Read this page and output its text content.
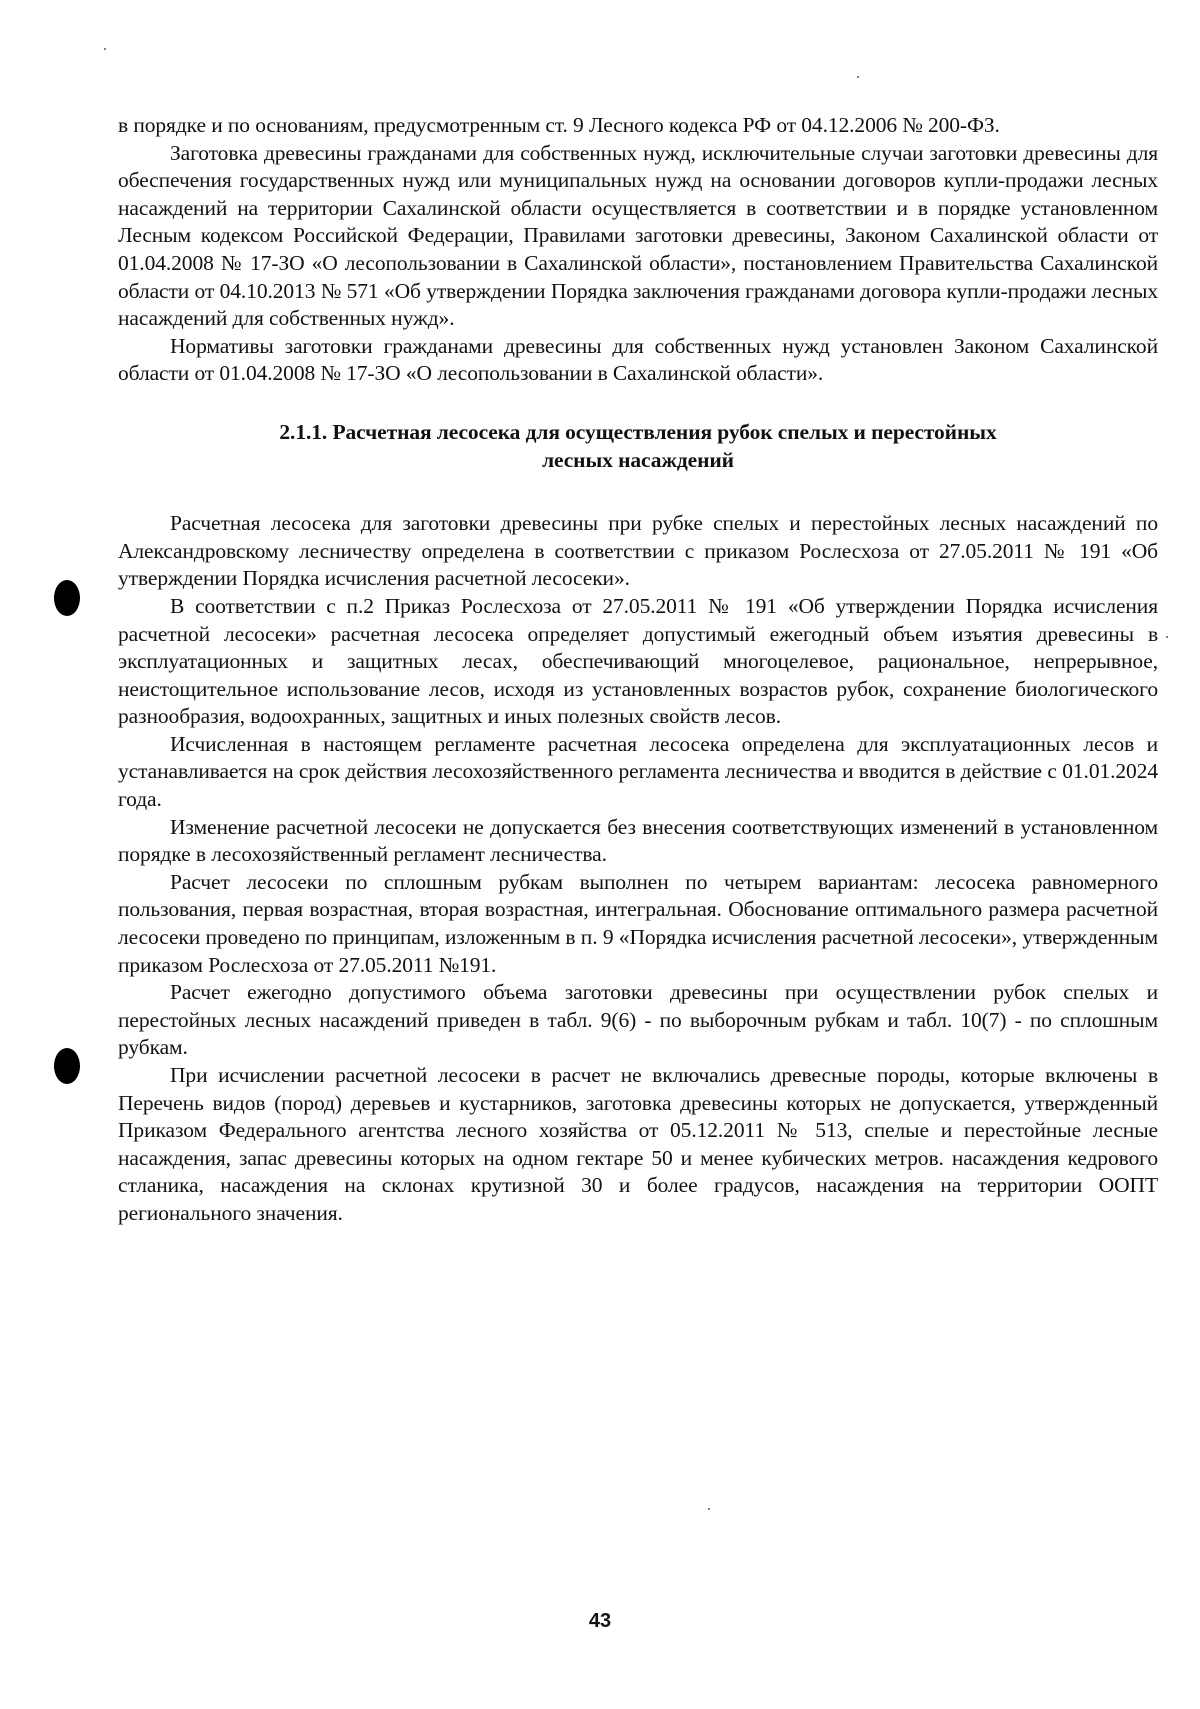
в порядке и по основаниям, предусмотренным ст. 9 Лесного кодекса РФ от 04.12.2006 № 200-ФЗ.

Заготовка древесины гражданами для собственных нужд, исключительные случаи заготовки древесины для обеспечения государственных нужд или муниципальных нужд на основании договоров купли-продажи лесных насаждений на территории Сахалинской области осуществляется в соответствии и в порядке установленном Лесным кодексом Российской Федерации, Правилами заготовки древесины, Законом Сахалинской области от 01.04.2008 № 17-ЗО «О лесопользовании в Сахалинской области», постановлением Правительства Сахалинской области от 04.10.2013 № 571 «Об утверждении Порядка заключения гражданами договора купли-продажи лесных насаждений для собственных нужд».

Нормативы заготовки гражданами древесины для собственных нужд установлен Законом Сахалинской области от 01.04.2008 № 17-ЗО «О лесопользовании в Сахалинской области».

2.1.1. Расчетная лесосека для осуществления рубок спелых и перестойных лесных насаждений

Расчетная лесосека для заготовки древесины при рубке спелых и перестойных лесных насаждений по Александровскому лесничеству определена в соответствии с приказом Рослесхоза от 27.05.2011 № 191 «Об утверждении Порядка исчисления расчетной лесосеки».

В соответствии с п.2 Приказ Рослесхоза от 27.05.2011 № 191 «Об утверждении Порядка исчисления расчетной лесосеки» расчетная лесосека определяет допустимый ежегодный объем изъятия древесины в эксплуатационных и защитных лесах, обеспечивающий многоцелевое, рациональное, непрерывное, неистощительное использование лесов, исходя из установленных возрастов рубок, сохранение биологического разнообразия, водоохранных, защитных и иных полезных свойств лесов.

Исчисленная в настоящем регламенте расчетная лесосека определена для эксплуатационных лесов и устанавливается на срок действия лесохозяйственного регламента лесничества и вводится в действие с 01.01.2024 года.

Изменение расчетной лесосеки не допускается без внесения соответствующих изменений в установленном порядке в лесохозяйственный регламент лесничества.

Расчет лесосеки по сплошным рубкам выполнен по четырем вариантам: лесосека равномерного пользования, первая возрастная, вторая возрастная, интегральная. Обоснование оптимального размера расчетной лесосеки проведено по принципам, изложенным в п. 9 «Порядка исчисления расчетной лесосеки», утвержденным приказом Рослесхоза от 27.05.2011 №191.

Расчет ежегодно допустимого объема заготовки древесины при осуществлении рубок спелых и перестойных лесных насаждений приведен в табл. 9(6) - по выборочным рубкам и табл. 10(7) - по сплошным рубкам.

При исчислении расчетной лесосеки в расчет не включались древесные породы, которые включены в Перечень видов (пород) деревьев и кустарников, заготовка древесины которых не допускается, утвержденный Приказом Федерального агентства лесного хозяйства от 05.12.2011 № 513, спелые и перестойные лесные насаждения, запас древесины которых на одном гектаре 50 и менее кубических метров. насаждения кедрового стланика, насаждения на склонах крутизной 30 и более градусов, насаждения на территории ООПТ регионального значения.

43
